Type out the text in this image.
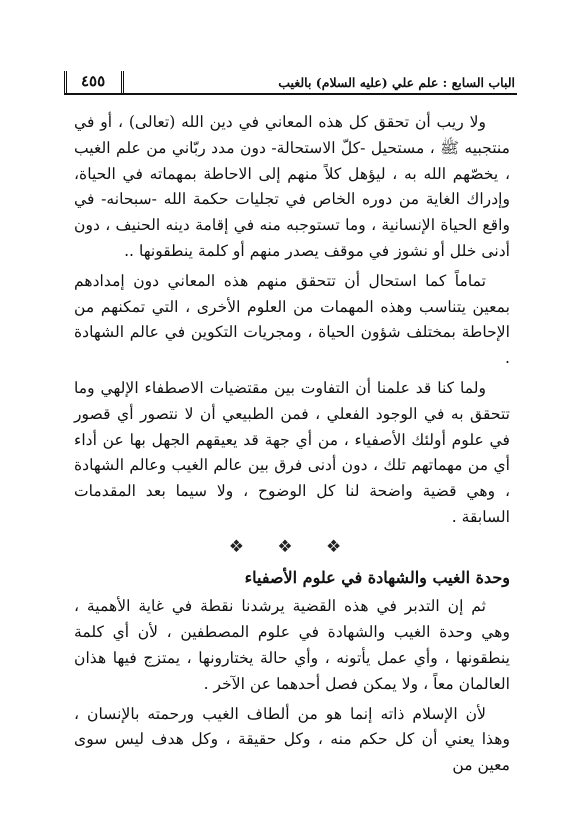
الباب السابع : علم علي (عليه السلام) بالغيب
٤٥٥

ولا ريب أن تحقق كل هذه المعاني في دين الله (تعالى) ، أو في منتجبيه ﷺ ، مستحيل -كلّ الاستحالة- دون مدد ربّاني من علم الغيب ، يخصّهم الله به ، ليؤهل كلاً منهم إلى الاحاطة بمهماته في الحياة، وإدراك الغاية من دوره الخاص في تجليات حكمة الله -سبحانه- في واقع الحياة الإنسانية ، وما تستوجبه منه في إقامة دينه الحنيف ، دون أدنى خلل أو نشوز في موقف يصدر منهم أو كلمة ينطقونها ..

تماماً كما استحال أن تتحقق منهم هذه المعاني دون إمدادهم بمعين يتناسب وهذه المهمات من العلوم الأخرى ، التي تمكنهم من الإحاطة بمختلف شؤون الحياة ، ومجريات التكوين في عالم الشهادة .

ولما كنا قد علمنا أن التفاوت بين مقتضيات الاصطفاء الإلهي وما تتحقق به في الوجود الفعلي ، فمن الطبيعي أن لا نتصور أي قصور في علوم أولئك الأصفياء ، من أي جهة قد يعيقهم الجهل بها عن أداء أي من مهماتهم تلك ، دون أدنى فرق بين عالم الغيب وعالم الشهادة ، وهي قضية واضحة لنا كل الوضوح ، ولا سيما بعد المقدمات السابقة .

❖ ❖ ❖

وحدة الغيب والشهادة في علوم الأصفياء

ثم إن التدبر في هذه القضية يرشدنا نقطة في غاية الأهمية ، وهي وحدة الغيب والشهادة في علوم المصطفين ، لأن أي كلمة ينطقونها ، وأي عمل يأتونه ، وأي حالة يختارونها ، يمتزج فيها هذان العالمان معاً ، ولا يمكن فصل أحدهما عن الآخر .

لأن الإسلام ذاته إنما هو من ألطاف الغيب ورحمته بالإنسان ، وهذا يعني أن كل حكم منه ، وكل حقيقة ، وكل هدف ليس سوى معين من
